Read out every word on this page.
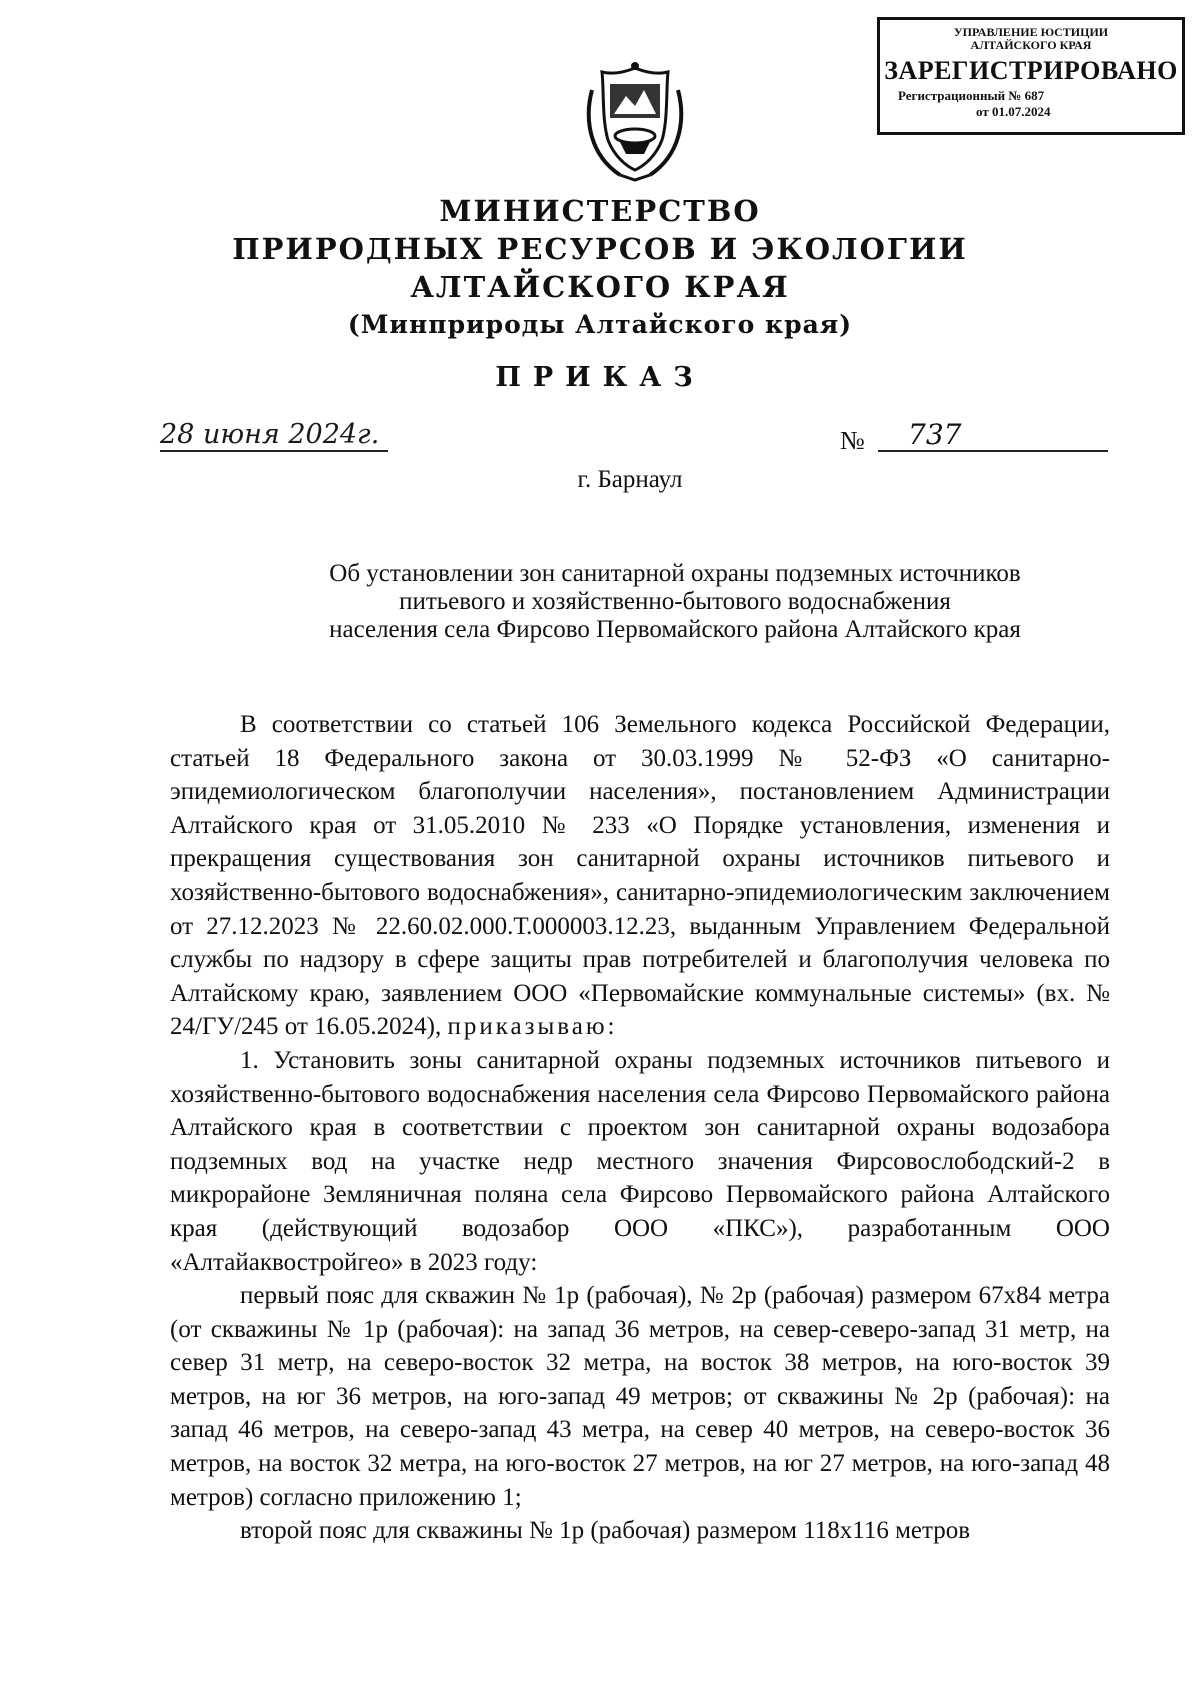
УПРАВЛЕНИЕ ЮСТИЦИИ
АЛТАЙСКОГО КРАЯ
ЗАРЕГИСТРИРОВАНО
Регистрационный № 687
от 01.07.2024
МИНИСТЕРСТВО
ПРИРОДНЫХ РЕСУРСОВ И ЭКОЛОГИИ
АЛТАЙСКОГО КРАЯ
(Минприроды Алтайского края)
ПРИКАЗ
28 июня 2024г.	№	737
г. Барнаул
Об установлении зон санитарной охраны подземных источников
питьевого и хозяйственно-бытового водоснабжения
населения села Фирсово Первомайского района Алтайского края

В соответствии со статьей 106 Земельного кодекса Российской Федерации, статьей 18 Федерального закона от 30.03.1999 № 52-ФЗ «О санитарно-эпидемиологическом благополучии населения», постановлением Администрации Алтайского края от 31.05.2010 № 233 «О Порядке установления, изменения и прекращения существования зон санитарной охраны источников питьевого и хозяйственно-бытового водоснабжения», санитарно-эпидемиологическим заключением от 27.12.2023 № 22.60.02.000.Т.000003.12.23, выданным Управлением Федеральной службы по надзору в сфере защиты прав потребителей и благополучия человека по Алтайскому краю, заявлением ООО «Первомайские коммунальные системы» (вх. № 24/ГУ/245 от 16.05.2024), приказываю:

1. Установить зоны санитарной охраны подземных источников питьевого и хозяйственно-бытового водоснабжения населения села Фирсово Первомайского района Алтайского края в соответствии с проектом зон санитарной охраны водозабора подземных вод на участке недр местного значения Фирсовослободский-2 в микрорайоне Земляничная поляна села Фирсово Первомайского района Алтайского края (действующий водозабор ООО «ПКС»), разработанным ООО «Алтайаквостройгео» в 2023 году:

первый пояс для скважин № 1р (рабочая), № 2р (рабочая) размером 67х84 метра (от скважины № 1р (рабочая): на запад 36 метров, на север-северо-запад 31 метр, на север 31 метр, на северо-восток 32 метра, на восток 38 метров, на юго-восток 39 метров, на юг 36 метров, на юго-запад 49 метров; от скважины № 2р (рабочая): на запад 46 метров, на северо-запад 43 метра, на север 40 метров, на северо-восток 36 метров, на восток 32 метра, на юго-восток 27 метров, на юг 27 метров, на юго-запад 48 метров) согласно приложению 1;

второй пояс для скважины № 1р (рабочая) размером 118х116 метров
